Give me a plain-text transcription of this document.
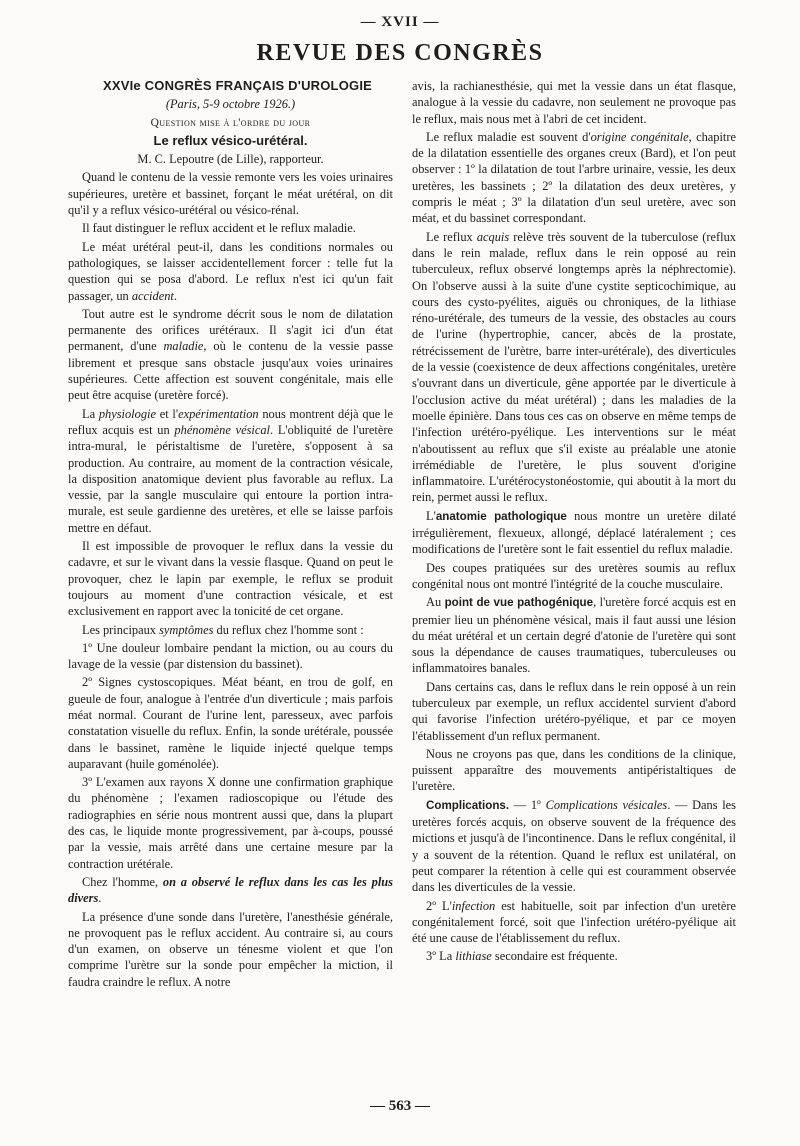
— XVII —
REVUE DES CONGRÈS

XXVIe CONGRÈS FRANÇAIS D'UROLOGIE

(Paris, 5-9 octobre 1926.)

Question mise à l'ordre du jour

Le reflux vésico-urétéral.

M. C. Lepoutre (de Lille), rapporteur.

Quand le contenu de la vessie remonte vers les voies urinaires supérieures, uretère et bassinet, forçant le méat urétéral, on dit qu'il y a reflux vésico-urétéral ou vésico-rénal.

Il faut distinguer le reflux accident et le reflux maladie.

Le méat urétéral peut-il, dans les conditions normales ou pathologiques, se laisser accidentellement forcer : telle fut la question qui se posa d'abord. Le reflux n'est ici qu'un fait passager, un accident.

Tout autre est le syndrome décrit sous le nom de dilatation permanente des orifices urétéraux. Il s'agit ici d'un état permanent, d'une maladie, où le contenu de la vessie passe librement et presque sans obstacle jusqu'aux voies urinaires supérieures. Cette affection est souvent congénitale, mais elle peut être acquise (uretère forcé).

La physiologie et l'expérimentation nous montrent déjà que le reflux acquis est un phénomène vésical. L'obliquité de l'uretère intra-mural, le péristaltisme de l'uretère, s'opposent à sa production. Au contraire, au moment de la contraction vésicale, la disposition anatomique devient plus favorable au reflux. La vessie, par la sangle musculaire qui entoure la portion intra-murale, est seule gardienne des uretères, et elle se laisse parfois mettre en défaut.

Il est impossible de provoquer le reflux dans la vessie du cadavre, et sur le vivant dans la vessie flasque. Quand on peut le provoquer, chez le lapin par exemple, le reflux se produit toujours au moment d'une contraction vésicale, et est exclusivement en rapport avec la tonicité de cet organe.

Les principaux symptômes du reflux chez l'homme sont :

1º Une douleur lombaire pendant la miction, ou au cours du lavage de la vessie (par distension du bassinet).

2º Signes cystoscopiques. Méat béant, en trou de golf, en gueule de four, analogue à l'entrée d'un diverticule ; mais parfois méat normal. Courant de l'urine lent, paresseux, avec parfois constatation visuelle du reflux. Enfin, la sonde urétérale, poussée dans le bassinet, ramène le liquide injecté quelque temps auparavant (huile goménolée).

3º L'examen aux rayons X donne une confirmation graphique du phénomène ; l'examen radioscopique ou l'étude des radiographies en série nous montrent aussi que, dans la plupart des cas, le liquide monte progressivement, par à-coups, poussé par la vessie, mais arrêté dans une certaine mesure par la contraction urétérale.

Chez l'homme, on a observé le reflux dans les cas les plus divers.

La présence d'une sonde dans l'uretère, l'anesthésie générale, ne provoquent pas le reflux accident. Au contraire si, au cours d'un examen, on observe un ténesme violent et que l'on comprime l'urètre sur la sonde pour empêcher la miction, il faudra craindre le reflux. A notre

avis, la rachianesthésie, qui met la vessie dans un état flasque, analogue à la vessie du cadavre, non seulement ne provoque pas le reflux, mais nous met à l'abri de cet incident.

Le reflux maladie est souvent d'origine congénitale, chapitre de la dilatation essentielle des organes creux (Bard), et l'on peut observer : 1º la dilatation de tout l'arbre urinaire, vessie, les deux uretères, les bassinets ; 2º la dilatation des deux uretères, y compris le méat ; 3º la dilatation d'un seul uretère, avec son méat, et du bassinet correspondant.

Le reflux acquis relève très souvent de la tuberculose (reflux dans le rein malade, reflux dans le rein opposé au rein tuberculeux, reflux observé longtemps après la néphrectomie). On l'observe aussi à la suite d'une cystite septicochimique, au cours des cysto-pyélites, aiguës ou chroniques, de la lithiase réno-urétérale, des tumeurs de la vessie, des obstacles au cours de l'urine (hypertrophie, cancer, abcès de la prostate, rétrécissement de l'urètre, barre inter-urétérale), des diverticules de la vessie (coexistence de deux affections congénitales, uretère s'ouvrant dans un diverticule, gêne apportée par le diverticule à l'occlusion active du méat urétéral) ; dans les maladies de la moelle épinière. Dans tous ces cas on observe en même temps de l'infection urétéro-pyélique. Les interventions sur le méat n'aboutissent au reflux que s'il existe au préalable une atonie irrémédiable de l'uretère, le plus souvent d'origine inflammatoire. L'urétérocystonéostomie, qui aboutit à la mort du rein, permet aussi le reflux.

L'anatomie pathologique nous montre un uretère dilaté irrégulièrement, flexueux, allongé, déplacé latéralement ; ces modifications de l'uretère sont le fait essentiel du reflux maladie.

Des coupes pratiquées sur des uretères soumis au reflux congénital nous ont montré l'intégrité de la couche musculaire.

Au point de vue pathogénique, l'uretère forcé acquis est en premier lieu un phénomène vésical, mais il faut aussi une lésion du méat urétéral et un certain degré d'atonie de l'uretère qui sont sous la dépendance de causes traumatiques, tuberculeuses ou inflammatoires banales.

Dans certains cas, dans le reflux dans le rein opposé à un rein tuberculeux par exemple, un reflux accidentel survient d'abord qui favorise l'infection urétéro-pyélique, et par ce moyen l'établissement d'un reflux permanent.

Nous ne croyons pas que, dans les conditions de la clinique, puissent apparaître des mouvements antipéristaltiques de l'uretère.

Complications. — 1º Complications vésicales. — Dans les uretères forcés acquis, on observe souvent de la fréquence des mictions et jusqu'à de l'incontinence. Dans le reflux congénital, il y a souvent de la rétention. Quand le reflux est unilatéral, on peut comparer la rétention à celle qui est couramment observée dans les diverticules de la vessie.

2º L'infection est habituelle, soit par infection d'un uretère congénitalement forcé, soit que l'infection urétéro-pyélique ait été une cause de l'établissement du reflux.

3º La lithiase secondaire est fréquente.

— 563 —
